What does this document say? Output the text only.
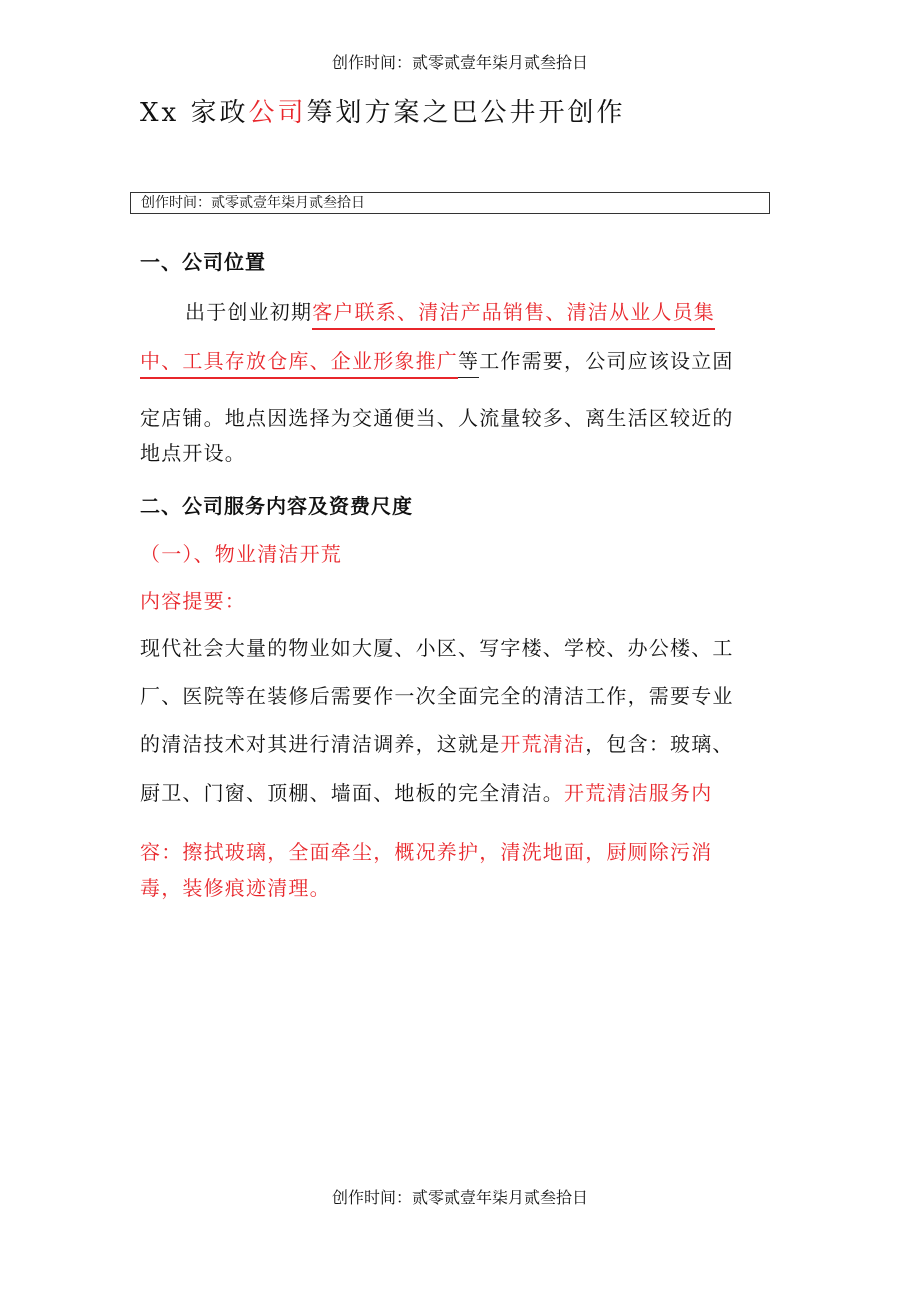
创作时间：贰零贰壹年柒月贰叁拾日
Xx 家政公司筹划方案之巴公井开创作
创作时间：贰零贰壹年柒月贰叁拾日
一、公司位置
出于创业初期客户联系、清洁产品销售、清洁从业人员集
中、工具存放仓库、企业形象推广等工作需要，公司应该设立固
定店铺。地点因选择为交通便当、人流量较多、离生活区较近的
地点开设。
二、公司服务内容及资费尺度
（一）、物业清洁开荒
内容提要：
现代社会大量的物业如大厦、小区、写字楼、学校、办公楼、工
厂、医院等在装修后需要作一次全面完全的清洁工作，需要专业
的清洁技术对其进行清洁调养，这就是开荒清洁，包含：玻璃、
厨卫、门窗、顶棚、墙面、地板的完全清洁。开荒清洁服务内
容：擦拭玻璃，全面牵尘，概况养护，清洗地面，厨厕除污消
毒，装修痕迹清理。
创作时间：贰零贰壹年柒月贰叁拾日
